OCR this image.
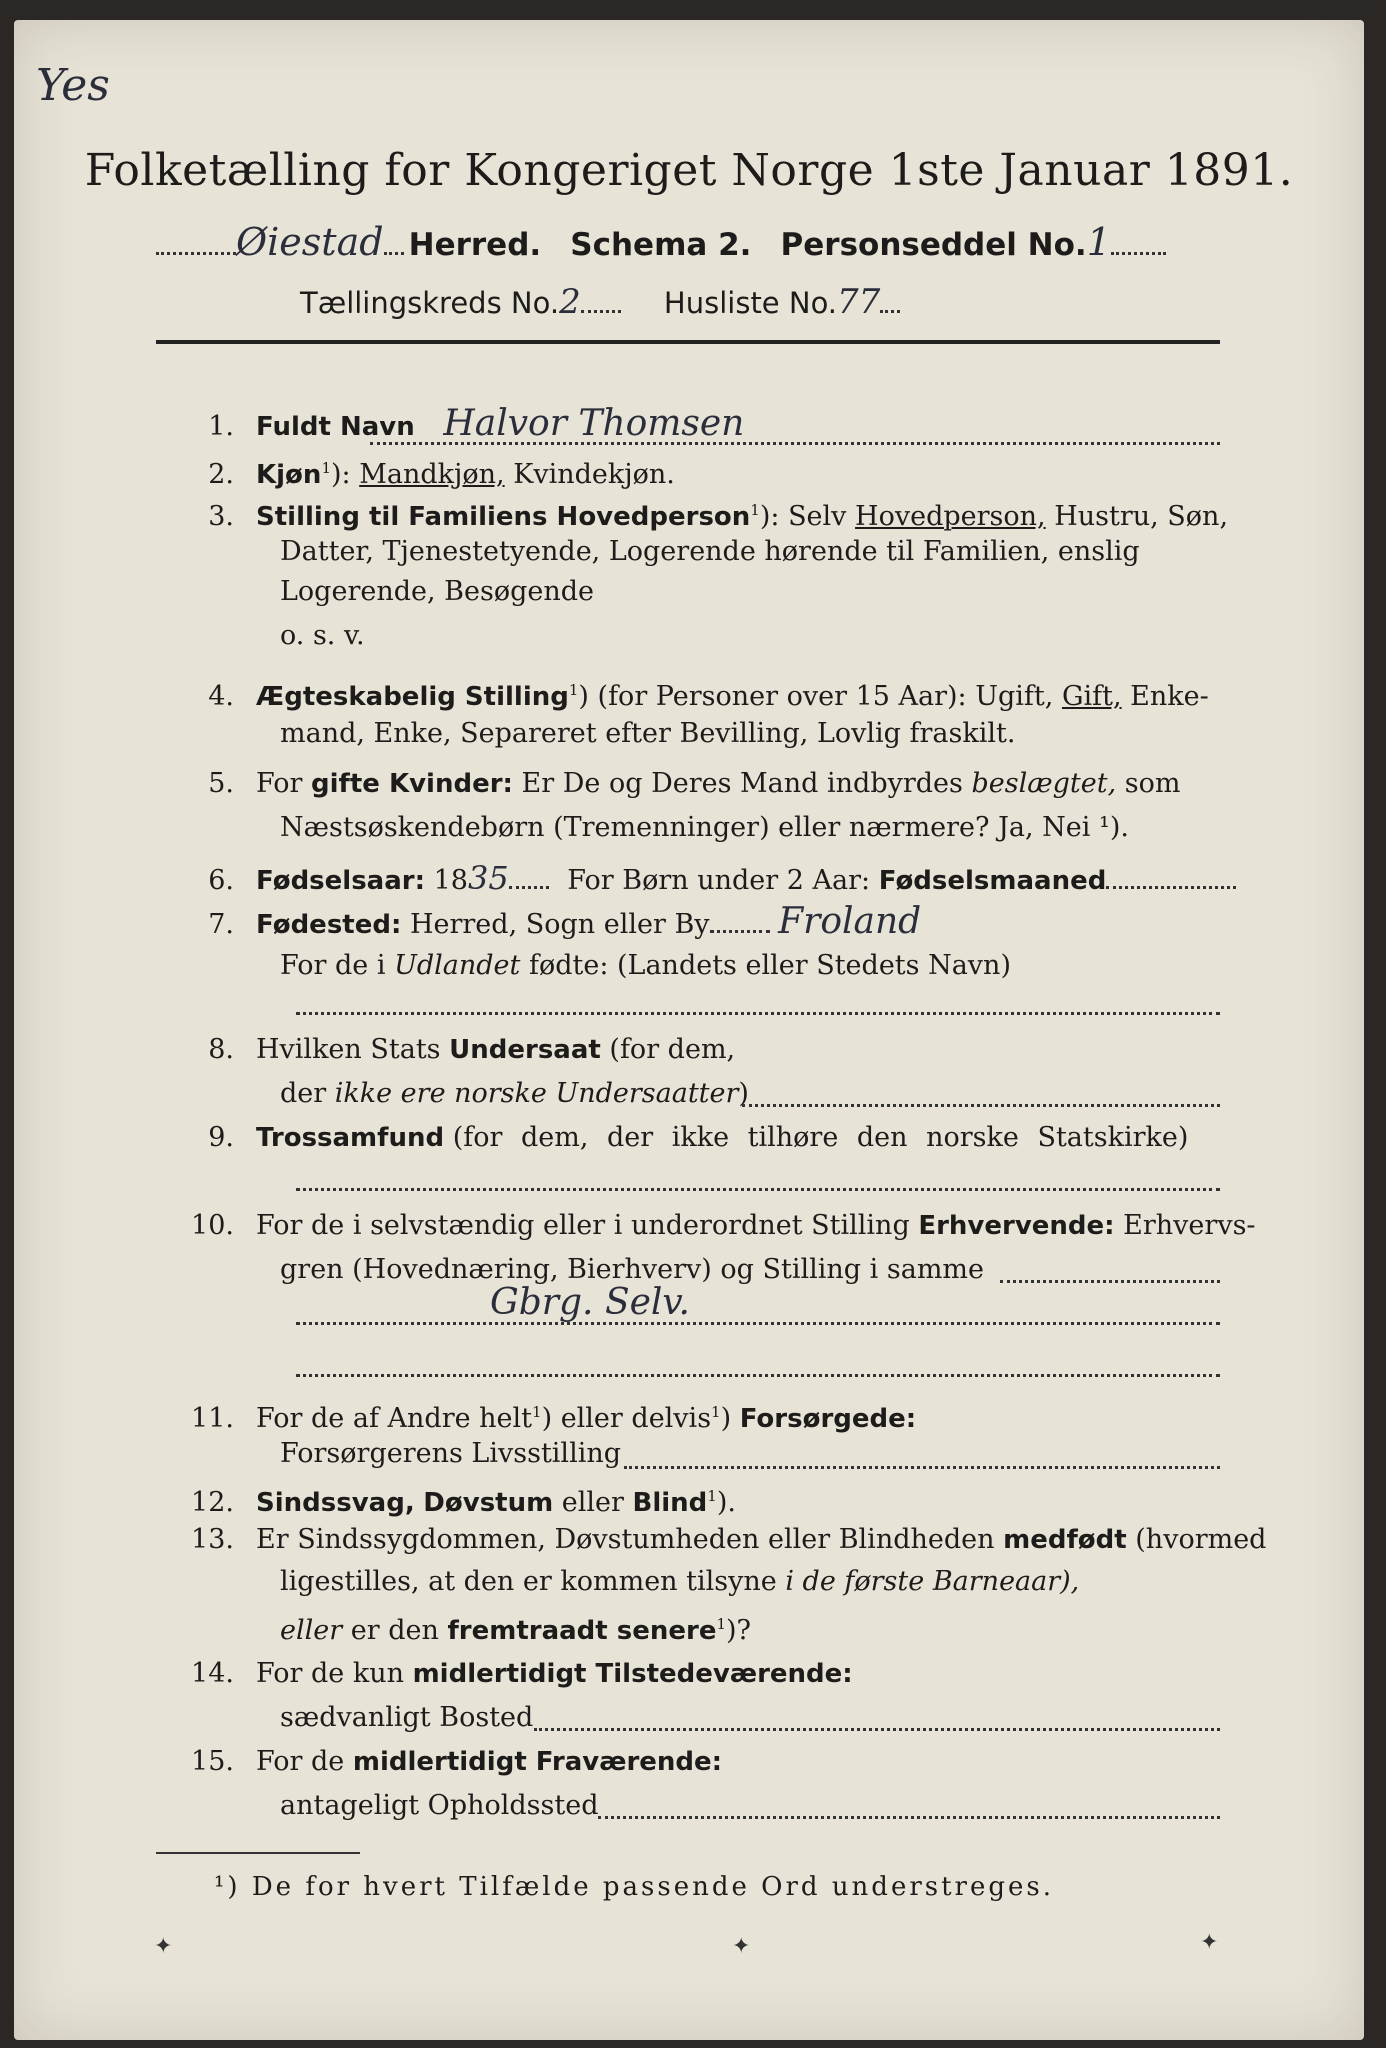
Yes
Folketælling for Kongeriget Norge 1ste Januar 1891.
Øiestad Herred. Schema 2. Personseddel No.1
Tællingskreds No.2	Husliste No.77
1. Fuldt Navn Halvor Thomsen
2. Kjøn$^1$): Mandkjøn, Kvindekjøn.
3. Stilling til Familiens Hovedperson$^1$): Selv Hovedperson, Hustru, Søn,
Datter, Tjenestetyende, Logerende hørende til Familien, enslig
Logerende, Besøgende
o. s. v.
4. Ægteskabelig Stilling$^1$) (for Personer over 15 Aar): Ugift, Gift, Enke-
mand, Enke, Separeret efter Bevilling, Lovlig fraskilt.
5. For gifte Kvinder: Er De og Deres Mand indbyrdes beslægtet, som
Næstsøskendebørn (Tremenninger) eller nærmere? Ja, Nei ¹).
6. Fødselsaar: 1835 For Børn under 2 Aar: Fødselsmaaned
7. Fødested: Herred, Sogn eller By Froland
For de i Udlandet fødte: (Landets eller Stedets Navn)
8. Hvilken Stats Undersaat (for dem,
der ikke ere norske Undersaatter)
9. Trossamfund (for dem, der ikke tilhøre den norske Statskirke)
10. For de i selvstændig eller i underordnet Stilling Erhvervende: Erhvervs-
gren (Hovednæring, Bierhverv) og Stilling i samme
Gbrg. Selv.
11. For de af Andre helt$^1$) eller delvis$^1$) Forsørgede:
Forsørgerens Livsstilling
12. Sindssvag, Døvstum eller Blind$^1$).
13. Er Sindssygdommen, Døvstumheden eller Blindheden medfødt (hvormed
ligestilles, at den er kommen tilsyne i de første Barneaar),
eller er den fremtraadt senere$^1$)?
14. For de kun midlertidigt Tilstedeværende:
sædvanligt Bosted
15. For de midlertidigt Fraværende:
antageligt Opholdssted
¹) De for hvert Tilfælde passende Ord understreges.
✦	✦	✦
